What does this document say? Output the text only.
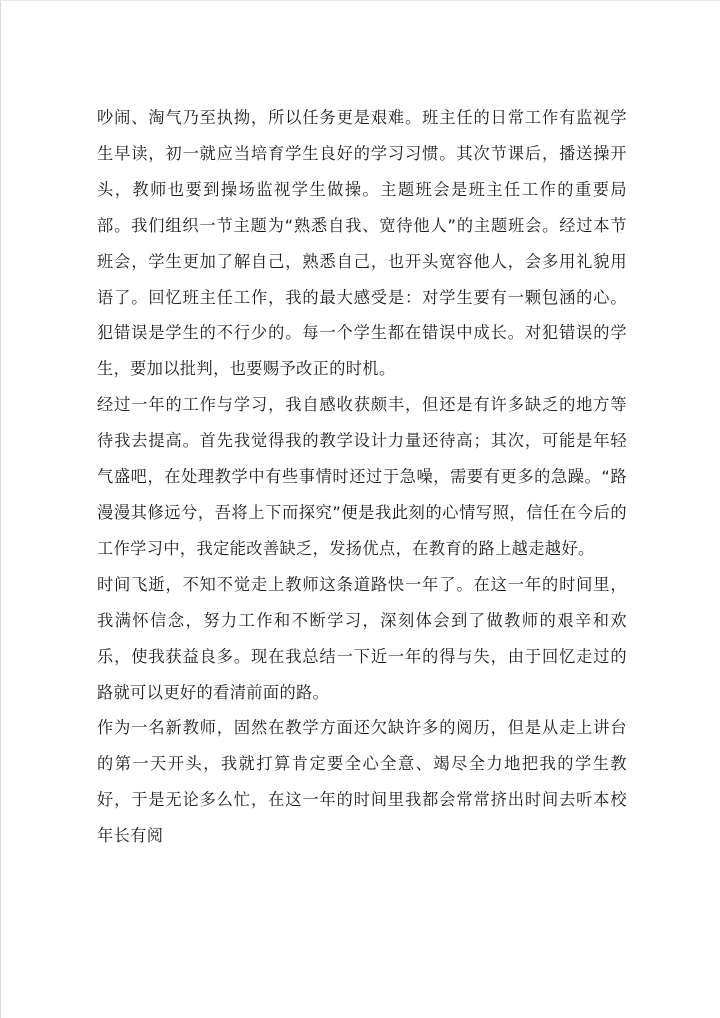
吵闹、淘气乃至执拗，所以任务更是艰难。班主任的日常工作有监视学生早读，初一就应当培育学生良好的学习习惯。其次节课后，播送操开头，教师也要到操场监视学生做操。主题班会是班主任工作的重要局部。我们组织一节主题为“熟悉自我、宽待他人”的主题班会。经过本节班会，学生更加了解自己，熟悉自己，也开头宽容他人，会多用礼貌用语了。回忆班主任工作，我的最大感受是：对学生要有一颗包涵的心。犯错误是学生的不行少的。每一个学生都在错误中成长。对犯错误的学生，要加以批判，也要赐予改正的时机。

经过一年的工作与学习，我自感收获颇丰，但还是有许多缺乏的地方等待我去提高。首先我觉得我的教学设计力量还待高；其次，可能是年轻气盛吧，在处理教学中有些事情时还过于急噪，需要有更多的急躁。“路漫漫其修远兮，吾将上下而探究”便是我此刻的心情写照，信任在今后的工作学习中，我定能改善缺乏，发扬优点，在教育的路上越走越好。

时间飞逝，不知不觉走上教师这条道路快一年了。在这一年的时间里，我满怀信念，努力工作和不断学习，深刻体会到了做教师的艰辛和欢乐，使我获益良多。现在我总结一下近一年的得与失，由于回忆走过的路就可以更好的看清前面的路。

作为一名新教师，固然在教学方面还欠缺许多的阅历，但是从走上讲台的第一天开头，我就打算肯定要全心全意、竭尽全力地把我的学生教好，于是无论多么忙，在这一年的时间里我都会常常挤出时间去听本校年长有阅
